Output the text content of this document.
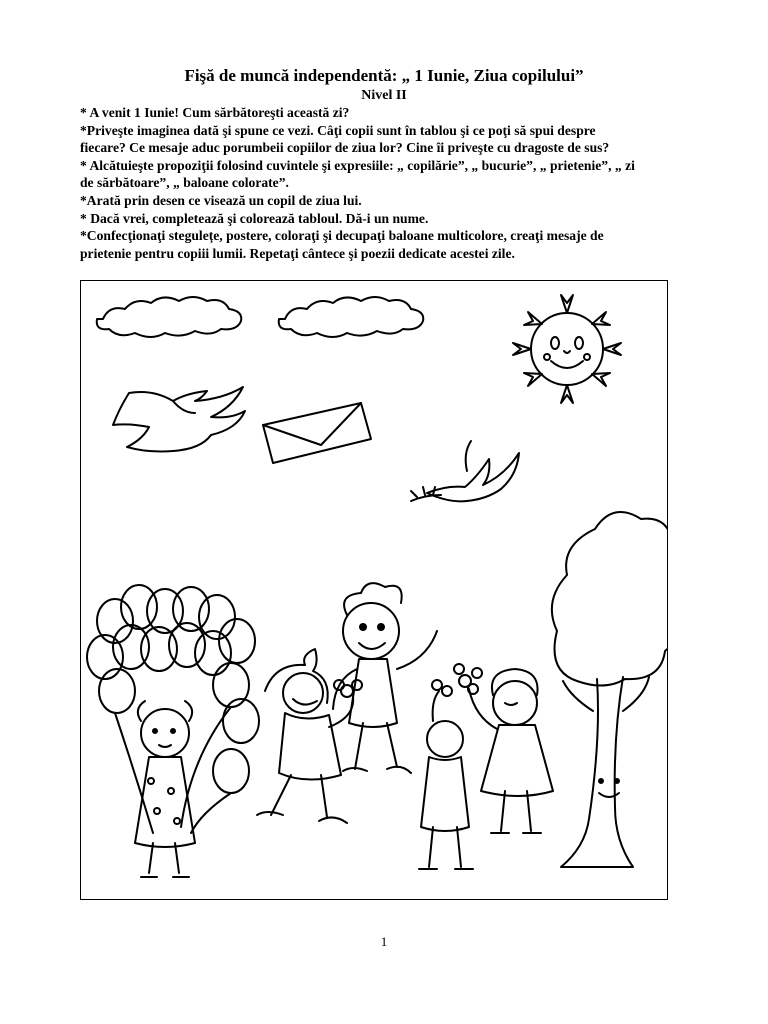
Fişă de muncă independentă: „ 1 Iunie, Ziua copilului”
Nivel II
* A venit 1 Iunie! Cum sărbătoreşti această zi?
*Priveşte imaginea dată şi spune ce vezi. Câţi copii sunt în tablou şi ce poţi să spui despre
fiecare? Ce mesaje aduc porumbeii copiilor de ziua lor? Cine îi priveşte cu dragoste de sus?
* Alcătuieşte propoziţii folosind cuvintele şi expresiile: „ copilărie”, „ bucurie”, „ prietenie”, „ zi
de sărbătoare”, „ baloane colorate”.
*Arată prin desen ce visează un copil de ziua lui.
* Dacă vrei, completează şi colorează tabloul. Dă-i un nume.
*Confecţionaţi stegulețe, postere, coloraţi şi decupaţi baloane multicolore, creaţi mesaje de
prietenie pentru copiii lumii. Repetaţi cântece şi poezii dedicate acestei zile.
1
